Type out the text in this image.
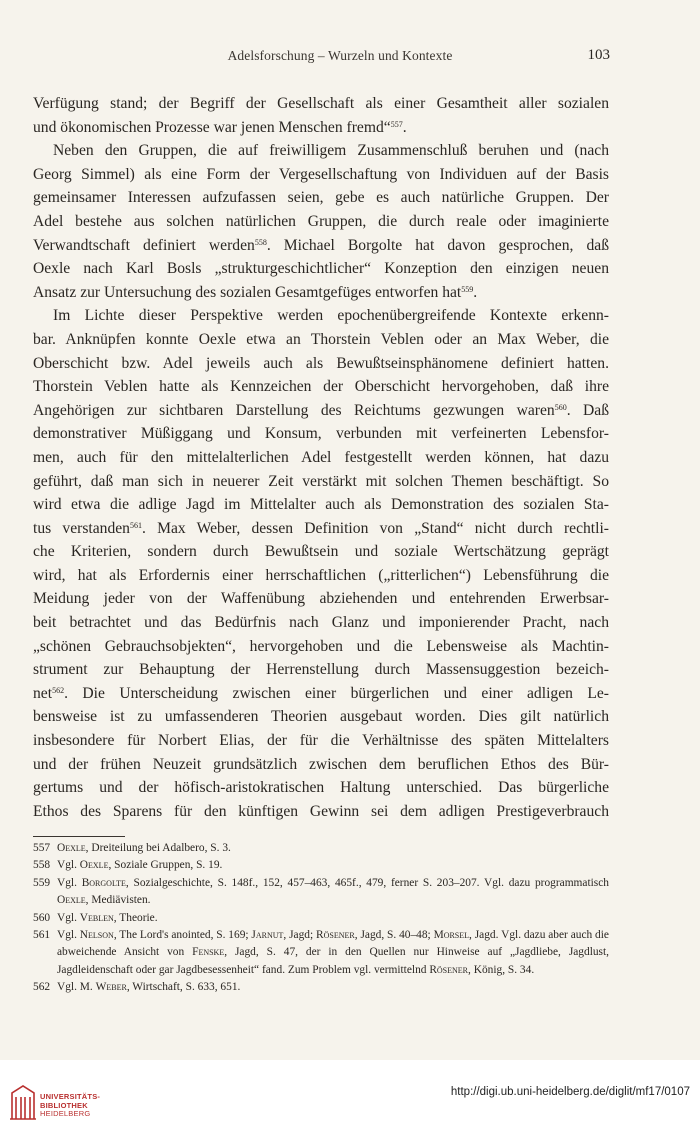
Adelsforschung – Wurzeln und Kontexte	103
Verfügung stand; der Begriff der Gesellschaft als einer Gesamtheit aller sozialen
und ökonomischen Prozesse war jenen Menschen fremd“$^{557}$.
Neben den Gruppen, die auf freiwilligem Zusammenschluß beruhen und (nach
Georg Simmel) als eine Form der Vergesellschaftung von Individuen auf der Basis
gemeinsamer Interessen aufzufassen seien, gebe es auch natürliche Gruppen. Der
Adel bestehe aus solchen natürlichen Gruppen, die durch reale oder imaginierte
Verwandtschaft definiert werden$^{558}$. Michael Borgolte hat davon gesprochen, daß
Oexle nach Karl Bosls „strukturgeschichtlicher“ Konzeption den einzigen neuen
Ansatz zur Untersuchung des sozialen Gesamtgefüges entworfen hat$^{559}$.
Im Lichte dieser Perspektive werden epochenübergreifende Kontexte erkenn-
bar. Anknüpfen konnte Oexle etwa an Thorstein Veblen oder an Max Weber, die
Oberschicht bzw. Adel jeweils auch als Bewußtseinsphänomene definiert hatten.
Thorstein Veblen hatte als Kennzeichen der Oberschicht hervorgehoben, daß ihre
Angehörigen zur sichtbaren Darstellung des Reichtums gezwungen waren$^{560}$. Daß
demonstrativer Müßiggang und Konsum, verbunden mit verfeinerten Lebensfor-
men, auch für den mittelalterlichen Adel festgestellt werden können, hat dazu
geführt, daß man sich in neuerer Zeit verstärkt mit solchen Themen beschäftigt. So
wird etwa die adlige Jagd im Mittelalter auch als Demonstration des sozialen Sta-
tus verstanden$^{561}$. Max Weber, dessen Definition von „Stand“ nicht durch rechtli-
che Kriterien, sondern durch Bewußtsein und soziale Wertschätzung geprägt
wird, hat als Erfordernis einer herrschaftlichen („ritterlichen“) Lebensführung die
Meidung jeder von der Waffenübung abziehenden und entehrenden Erwerbsar-
beit betrachtet und das Bedürfnis nach Glanz und imponierender Pracht, nach
„schönen Gebrauchsobjekten“, hervorgehoben und die Lebensweise als Machtin-
strument zur Behauptung der Herrenstellung durch Massensuggestion bezeich-
net$^{562}$. Die Unterscheidung zwischen einer bürgerlichen und einer adligen Le-
bensweise ist zu umfassenderen Theorien ausgebaut worden. Dies gilt natürlich
insbesondere für Norbert Elias, der für die Verhältnisse des späten Mittelalters
und der frühen Neuzeit grundsätzlich zwischen dem beruflichen Ethos des Bür-
gertums und der höfisch-aristokratischen Haltung unterschied. Das bürgerliche
Ethos des Sparens für den künftigen Gewinn sei dem adligen Prestigeverbrauch
557 Oexle, Dreiteilung bei Adalbero, S. 3.
558 Vgl. Oexle, Soziale Gruppen, S. 19.
559 Vgl. Borgolte, Sozialgeschichte, S. 148f., 152, 457–463, 465f., 479, ferner S. 203–207. Vgl. dazu programmatisch Oexle, Mediävisten.
560 Vgl. Veblen, Theorie.
561 Vgl. Nelson, The Lord's anointed, S. 169; Jarnut, Jagd; Rösener, Jagd, S. 40–48; Morsel, Jagd. Vgl. dazu aber auch die abweichende Ansicht von Fenske, Jagd, S. 47, der in den Quellen nur Hinweise auf „Jagdliebe, Jagdlust, Jagdleidenschaft oder gar Jagdbesessenheit“ fand. Zum Problem vgl. vermittelnd Rösener, König, S. 34.
562 Vgl. M. Weber, Wirtschaft, S. 633, 651.
UNIVERSITÄTS-
BIBLIOTHEK
HEIDELBERG
http://digi.ub.uni-heidelberg.de/diglit/mf17/0107
